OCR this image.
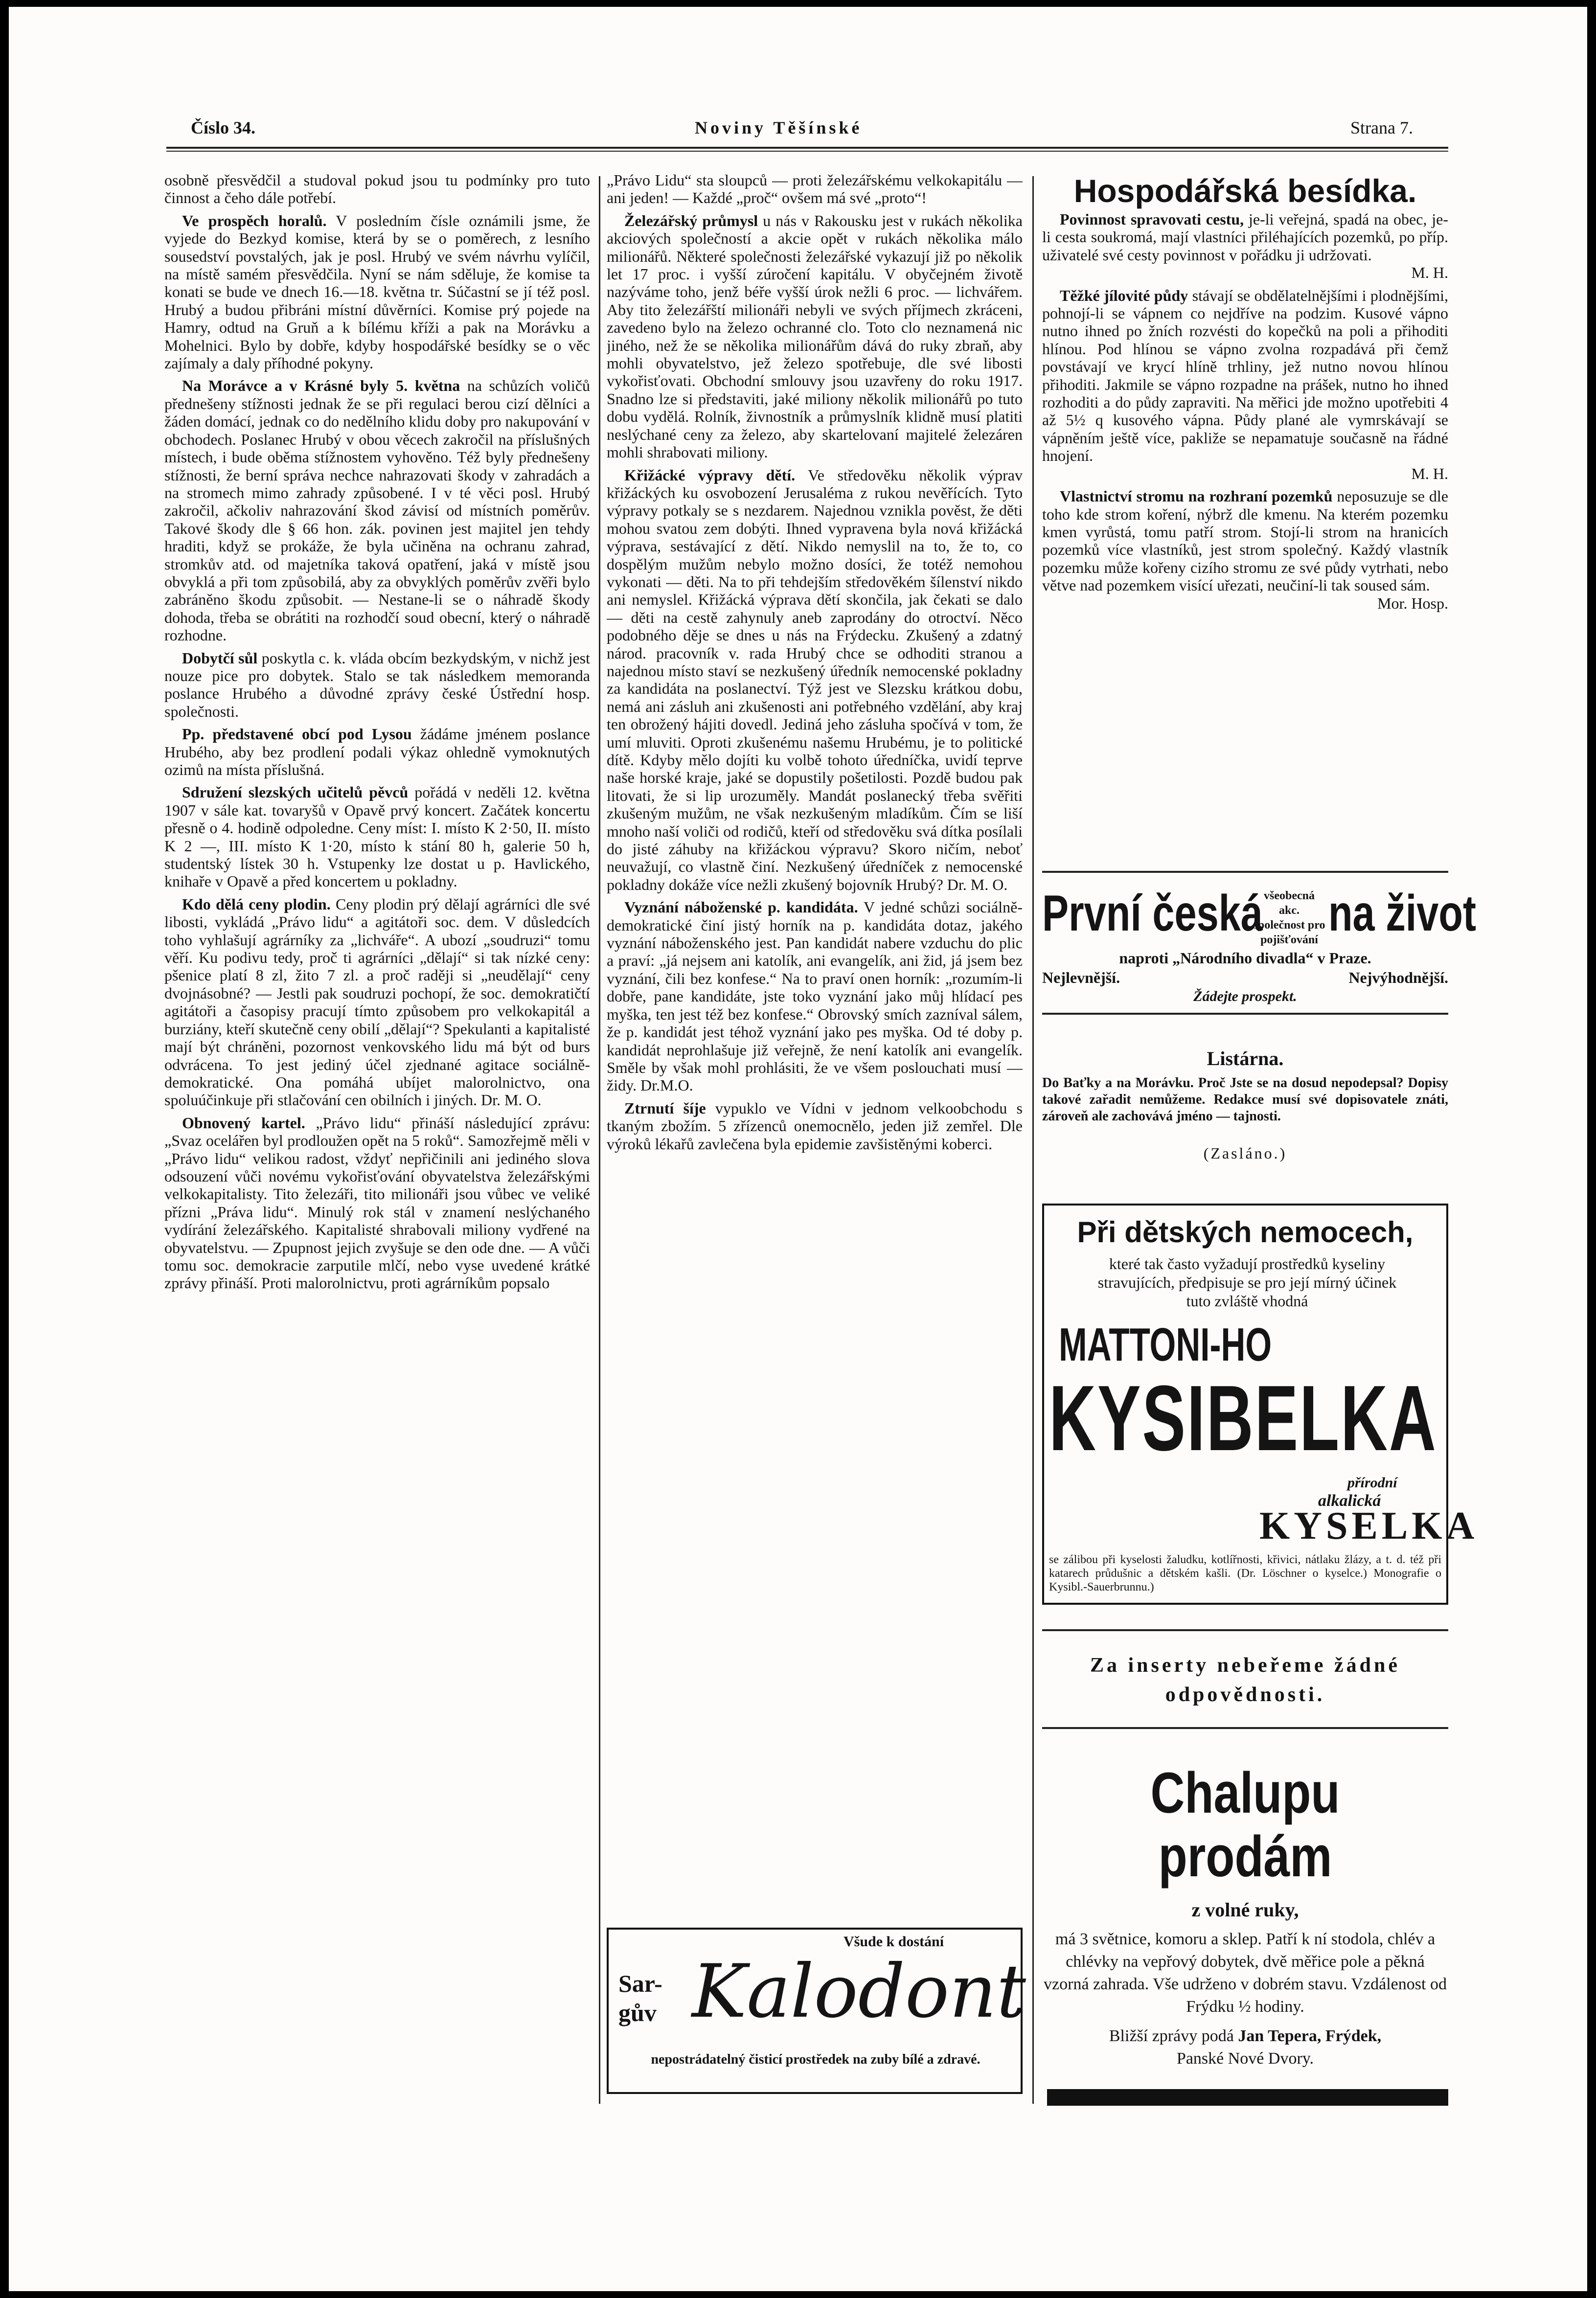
Číslo 34.	Noviny Těšínské	Strana 7.

osobně přesvědčil a studoval pokud jsou tu podmínky pro tuto činnost a čeho dále potřebí.

Ve prospěch horalů. V posledním čísle oznámili jsme, že vyjede do Bezkyd komise, která by se o poměrech, z lesního sousedství povstalých, jak je posl. Hrubý ve svém návrhu vylíčil, na místě samém přesvědčila. Nyní se nám sděluje, že komise ta konati se bude ve dnech 16.—18. května tr. Súčastní se jí též posl. Hrubý a budou přibráni místní důvěrníci. Komise prý pojede na Hamry, odtud na Gruň a k bílému kříži a pak na Morávku a Mohelnici. Bylo by dobře, kdyby hospodářské besídky se o věc zajímaly a daly příhodné pokyny.

Na Morávce a v Krásné byly 5. května na schůzích voličů přednešeny stížnosti jednak že se při regulaci berou cizí dělníci a žáden domácí, jednak co do nedělního klidu doby pro nakupování v obchodech. Poslanec Hrubý v obou věcech zakročil na příslušných místech, i bude oběma stížnostem vyhověno. Též byly přednešeny stížnosti, že berní správa nechce nahrazovati škody v zahradách a na stromech mimo zahrady způsobené. I v té věci posl. Hrubý zakročil, ačkoliv nahrazování škod závisí od místních poměrův. Takové škody dle § 66 hon. zák. povinen jest majitel jen tehdy hraditi, když se prokáže, že byla učiněna na ochranu zahrad, stromkův atd. od majetníka taková opatření, jaká v místě jsou obvyklá a při tom způsobilá, aby za obvyklých poměrův zvěři bylo zabráněno škodu způsobit. — Nestane-li se o náhradě škody dohoda, třeba se obrátiti na rozhodčí soud obecní, který o náhradě rozhodne.

Dobytčí sůl poskytla c. k. vláda obcím bezkydským, v nichž jest nouze pice pro dobytek. Stalo se tak následkem memoranda poslance Hrubého a důvodné zprávy české Ústřední hosp. společnosti.

Pp. představené obcí pod Lysou žádáme jménem poslance Hrubého, aby bez prodlení podali výkaz ohledně vymoknutých ozimů na místa příslušná.

Sdružení slezských učitelů pěvců pořádá v neděli 12. května 1907 v sále kat. tovaryšů v Opavě prvý koncert. Začátek koncertu přesně o 4. hodině odpoledne. Ceny míst: I. místo K 2·50, II. místo K 2 —, III. místo K 1·20, místo k stání 80 h, galerie 50 h, studentský lístek 30 h. Vstupenky lze dostat u p. Havlického, knihaře v Opavě a před koncertem u pokladny.

Kdo dělá ceny plodin. Ceny plodin prý dělají agrárníci dle své libosti, vykládá „Právo lidu“ a agitátoři soc. dem. V důsledcích toho vyhlašují agrárníky za „lichváře“. A ubozí „soudruzi“ tomu věří. Ku podivu tedy, proč ti agrárníci „dělají“ si tak nízké ceny: pšenice platí 8 zl, žito 7 zl. a proč raději si „neudělají“ ceny dvojnásobné? — Jestli pak soudruzi pochopí, že soc. demokratičtí agitátoři a časopisy pracují tímto způsobem pro velkokapitál a burziány, kteří skutečně ceny obilí „dělají“? Spekulanti a kapitalisté mají být chráněni, pozornost venkovského lidu má být od burs odvrácena. To jest jediný účel zjednané agitace sociálně-demokratické. Ona pomáhá ubíjet malorolnictvo, ona spoluúčinkuje při stlačování cen obilních i jiných. Dr. M. O.

Obnovený kartel. „Právo lidu“ přináší následující zprávu: „Svaz ocelářen byl prodloužen opět na 5 roků“. Samozřejmě měli v „Právo lidu“ velikou radost, vždyť nepřičinili ani jediného slova odsouzení vůči novému vykořisťování obyvatelstva železářskými velkokapitalisty. Tito železáři, tito milionáři jsou vůbec ve veliké přízni „Práva lidu“. Minulý rok stál v znamení neslýchaného vydírání železářského. Kapitalisté shrabovali miliony vydřené na obyvatelstvu. — Zpupnost jejich zvyšuje se den ode dne. — A vůči tomu soc. demokracie zarputile mlčí, nebo vyse uvedené krátké zprávy přináší. Proti malorolnictvu, proti agrárníkům popsalo

„Právo Lidu“ sta sloupců — proti železářskému velkokapitálu — ani jeden! — Každé „proč“ ovšem má své „proto“!

Železářský průmysl u nás v Rakousku jest v rukách několika akciových společností a akcie opět v rukách několika málo milionářů. Některé společnosti železářské vykazují již po několik let 17 proc. i vyšší zúročení kapitálu. V obyčejném životě nazýváme toho, jenž béře vyšší úrok nežli 6 proc. — lichvářem. Aby tito železářští milionáři nebyli ve svých příjmech zkráceni, zavedeno bylo na železo ochranné clo. Toto clo neznamená nic jiného, než že se několika milionářům dává do ruky zbraň, aby mohli obyvatelstvo, jež železo spotřebuje, dle své libosti vykořisťovati. Obchodní smlouvy jsou uzavřeny do roku 1917. Snadno lze si představiti, jaké miliony několik milionářů po tuto dobu vydělá. Rolník, živnostník a průmyslník klidně musí platiti neslýchané ceny za železo, aby skartelovaní majitelé železáren mohli shrabovati miliony.

Křižácké výpravy dětí. Ve středověku několik výprav křižáckých ku osvobození Jerusaléma z rukou nevěřících. Tyto výpravy potkaly se s nezdarem. Najednou vznikla pověst, že děti mohou svatou zem dobýti. Ihned vypravena byla nová křižácká výprava, sestávající z dětí. Nikdo nemyslil na to, že to, co dospělým mužům nebylo možno dosíci, že totéž nemohou vykonati — děti. Na to při tehdejším středověkém šílenství nikdo ani nemyslel. Křižácká výprava dětí skončila, jak čekati se dalo — děti na cestě zahynuly aneb zaprodány do otroctví. Něco podobného děje se dnes u nás na Frýdecku. Zkušený a zdatný národ. pracovník v. rada Hrubý chce se odhoditi stranou a najednou místo staví se nezkušený úředník nemocenské pokladny za kandidáta na poslanectví. Týž jest ve Slezsku krátkou dobu, nemá ani zásluh ani zkušenosti ani potřebného vzdělání, aby kraj ten obrožený hájiti dovedl. Jediná jeho zásluha spočívá v tom, že umí mluviti. Oproti zkušenému našemu Hrubému, je to politické dítě. Kdyby mělo dojíti ku volbě tohoto úředníčka, uvidí teprve naše horské kraje, jaké se dopustily pošetilosti. Pozdě budou pak litovati, že si lip urozuměly. Mandát poslanecký třeba svěřiti zkušeným mužům, ne však nezkušeným mladíkům. Čím se liší mnoho naší voliči od rodičů, kteří od středověku svá dítka posílali do jisté záhuby na křižáckou výpravu? Skoro ničím, neboť neuvažují, co vlastně činí. Nezkušený úředníček z nemocenské pokladny dokáže více nežli zkušený bojovník Hrubý? Dr. M. O.

Vyznání náboženské p. kandidáta. V jedné schůzi sociálně-demokratické činí jistý horník na p. kandidáta dotaz, jakého vyznání náboženského jest. Pan kandidát nabere vzduchu do plic a praví: „já nejsem ani katolík, ani evangelík, ani žid, já jsem bez vyznání, čili bez konfese.“ Na to praví onen horník: „rozumím-li dobře, pane kandidáte, jste toko vyznání jako můj hlídací pes myška, ten jest též bez konfese.“ Obrovský smích zazníval sálem, že p. kandidát jest téhož vyznání jako pes myška. Od té doby p. kandidát neprohlašuje již veřejně, že není katolík ani evangelík. Směle by však mohl prohlásiti, že ve všem poslouchati musí — židy. Dr.M.O.

Ztrnutí šíje vypuklo ve Vídni v jednom velkoobchodu s tkaným zbožím. 5 zřízenců onemocnělo, jeden již zemřel. Dle výroků lékařů zavlečena byla epidemie zavšistěnými koberci.

Sar-
gův
Všude k dostání
Kalodont
nepostrádatelný čisticí prostředek na zuby bílé a zdravé.
Hospodářská besídka.

Povinnost spravovati cestu, je-li veřejná, spadá na obec, je-li cesta soukromá, mají vlastníci přiléhajících pozemků, po příp. uživatelé své cesty povinnost v pořádku ji udržovati.
M. H.

Těžké jílovité půdy stávají se obdělatelnějšími i plodnějšími, pohnojí-li se vápnem co nejdříve na podzim. Kusové vápno nutno ihned po žních rozvésti do kopečků na poli a přihoditi hlínou. Pod hlínou se vápno zvolna rozpadává při čemž povstávají ve krycí hlíně trhliny, jež nutno novou hlínou přihoditi. Jakmile se vápno rozpadne na prášek, nutno ho ihned rozhoditi a do půdy zapraviti. Na měřici jde možno upotřebiti 4 až 5½ q kusového vápna. Půdy plané ale vymrskávají se vápněním ještě více, pakliže se nepamatuje současně na řádné hnojení.
M. H.

Vlastnictví stromu na rozhraní pozemků neposuzuje se dle toho kde strom koření, nýbrž dle kmenu. Na kterém pozemku kmen vyrůstá, tomu patří strom. Stojí-li strom na hranicích pozemků více vlastníků, jest strom společný. Každý vlastník pozemku může kořeny cizího stromu ze své půdy vytrhati, nebo větve nad pozemkem visící uřezati, neučiní-li tak soused sám.
Mor. Hosp.

První česká všeobecná akc.
společnost pro
pojišťování na život
naproti „Národního divadla“ v Praze.
Nejlevnější.	Nejvýhodnější.
Žádejte prospekt.
Listárna.
Do Baťky a na Morávku. Proč Jste se na dosud nepodepsal? Dopisy takové zařadit nemůžeme. Redakce musí své dopisovatele znáti, zároveň ale zachovává jméno — tajnosti.
(Zasláno.)
Při dětských nemocech,
které tak často vyžadují prostředků kyseliny stravujících, předpisuje se pro její mírný účinek tuto zvláště vhodná
MATTONI-HO
KYSIBELKA
přírodní
alkalická
KYSELKA
se zálibou při kyselosti žaludku, kotlířnosti, křivici, nátlaku žlázy, a t. d. též při katarech průdušnic a dětském kašli. (Dr. Löschner o kyselce.) Monografie o Kysibl.-Sauerbrunnu.)
Za inserty nebeřeme žádné
odpovědnosti.
Chalupu prodám
z volné ruky,
má 3 světnice, komoru a sklep. Patří k ní stodola, chlév a chlévky na vepřový dobytek, dvě měřice pole a pěkná vzorná zahrada. Vše udrženo v dobrém stavu. Vzdálenost od Frýdku ½ hodiny.
Bližší zprávy podá Jan Tepera, Frýdek,
Panské Nové Dvory.
